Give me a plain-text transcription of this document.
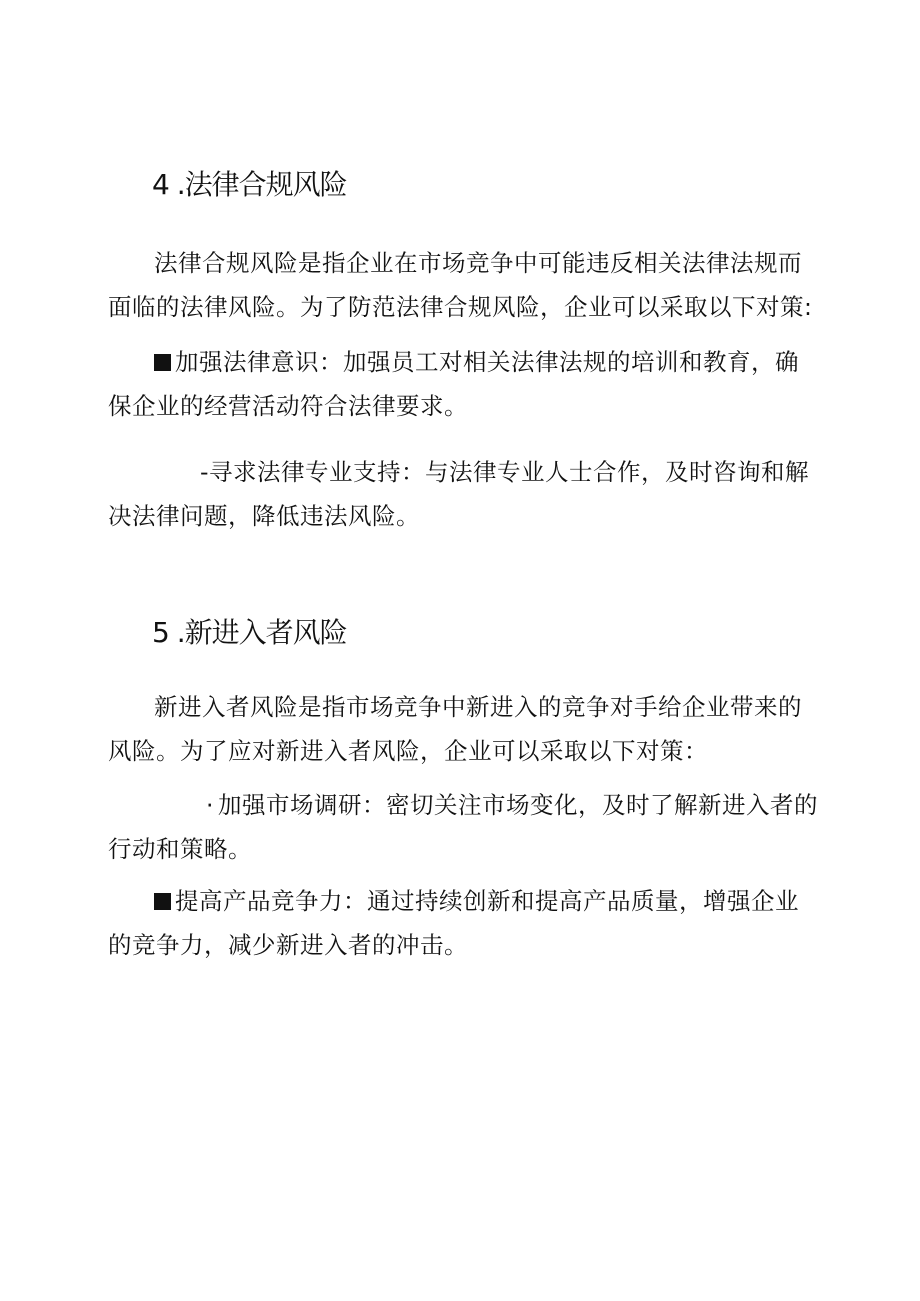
4 .法律合规风险

法律合规风险是指企业在市场竞争中可能违反相关法律法规而面临的法律风险。为了防范法律合规风险，企业可以采取以下对策:

加强法律意识：加强员工对相关法律法规的培训和教育，确保企业的经营活动符合法律要求。

-寻求法律专业支持：与法律专业人士合作，及时咨询和解决法律问题，降低违法风险。

5 .新进入者风险

新进入者风险是指市场竞争中新进入的竞争对手给企业带来的风险。为了应对新进入者风险，企业可以采取以下对策：

· 加强市场调研：密切关注市场变化，及时了解新进入者的行动和策略。

提高产品竞争力：通过持续创新和提高产品质量，增强企业的竞争力，减少新进入者的冲击。
